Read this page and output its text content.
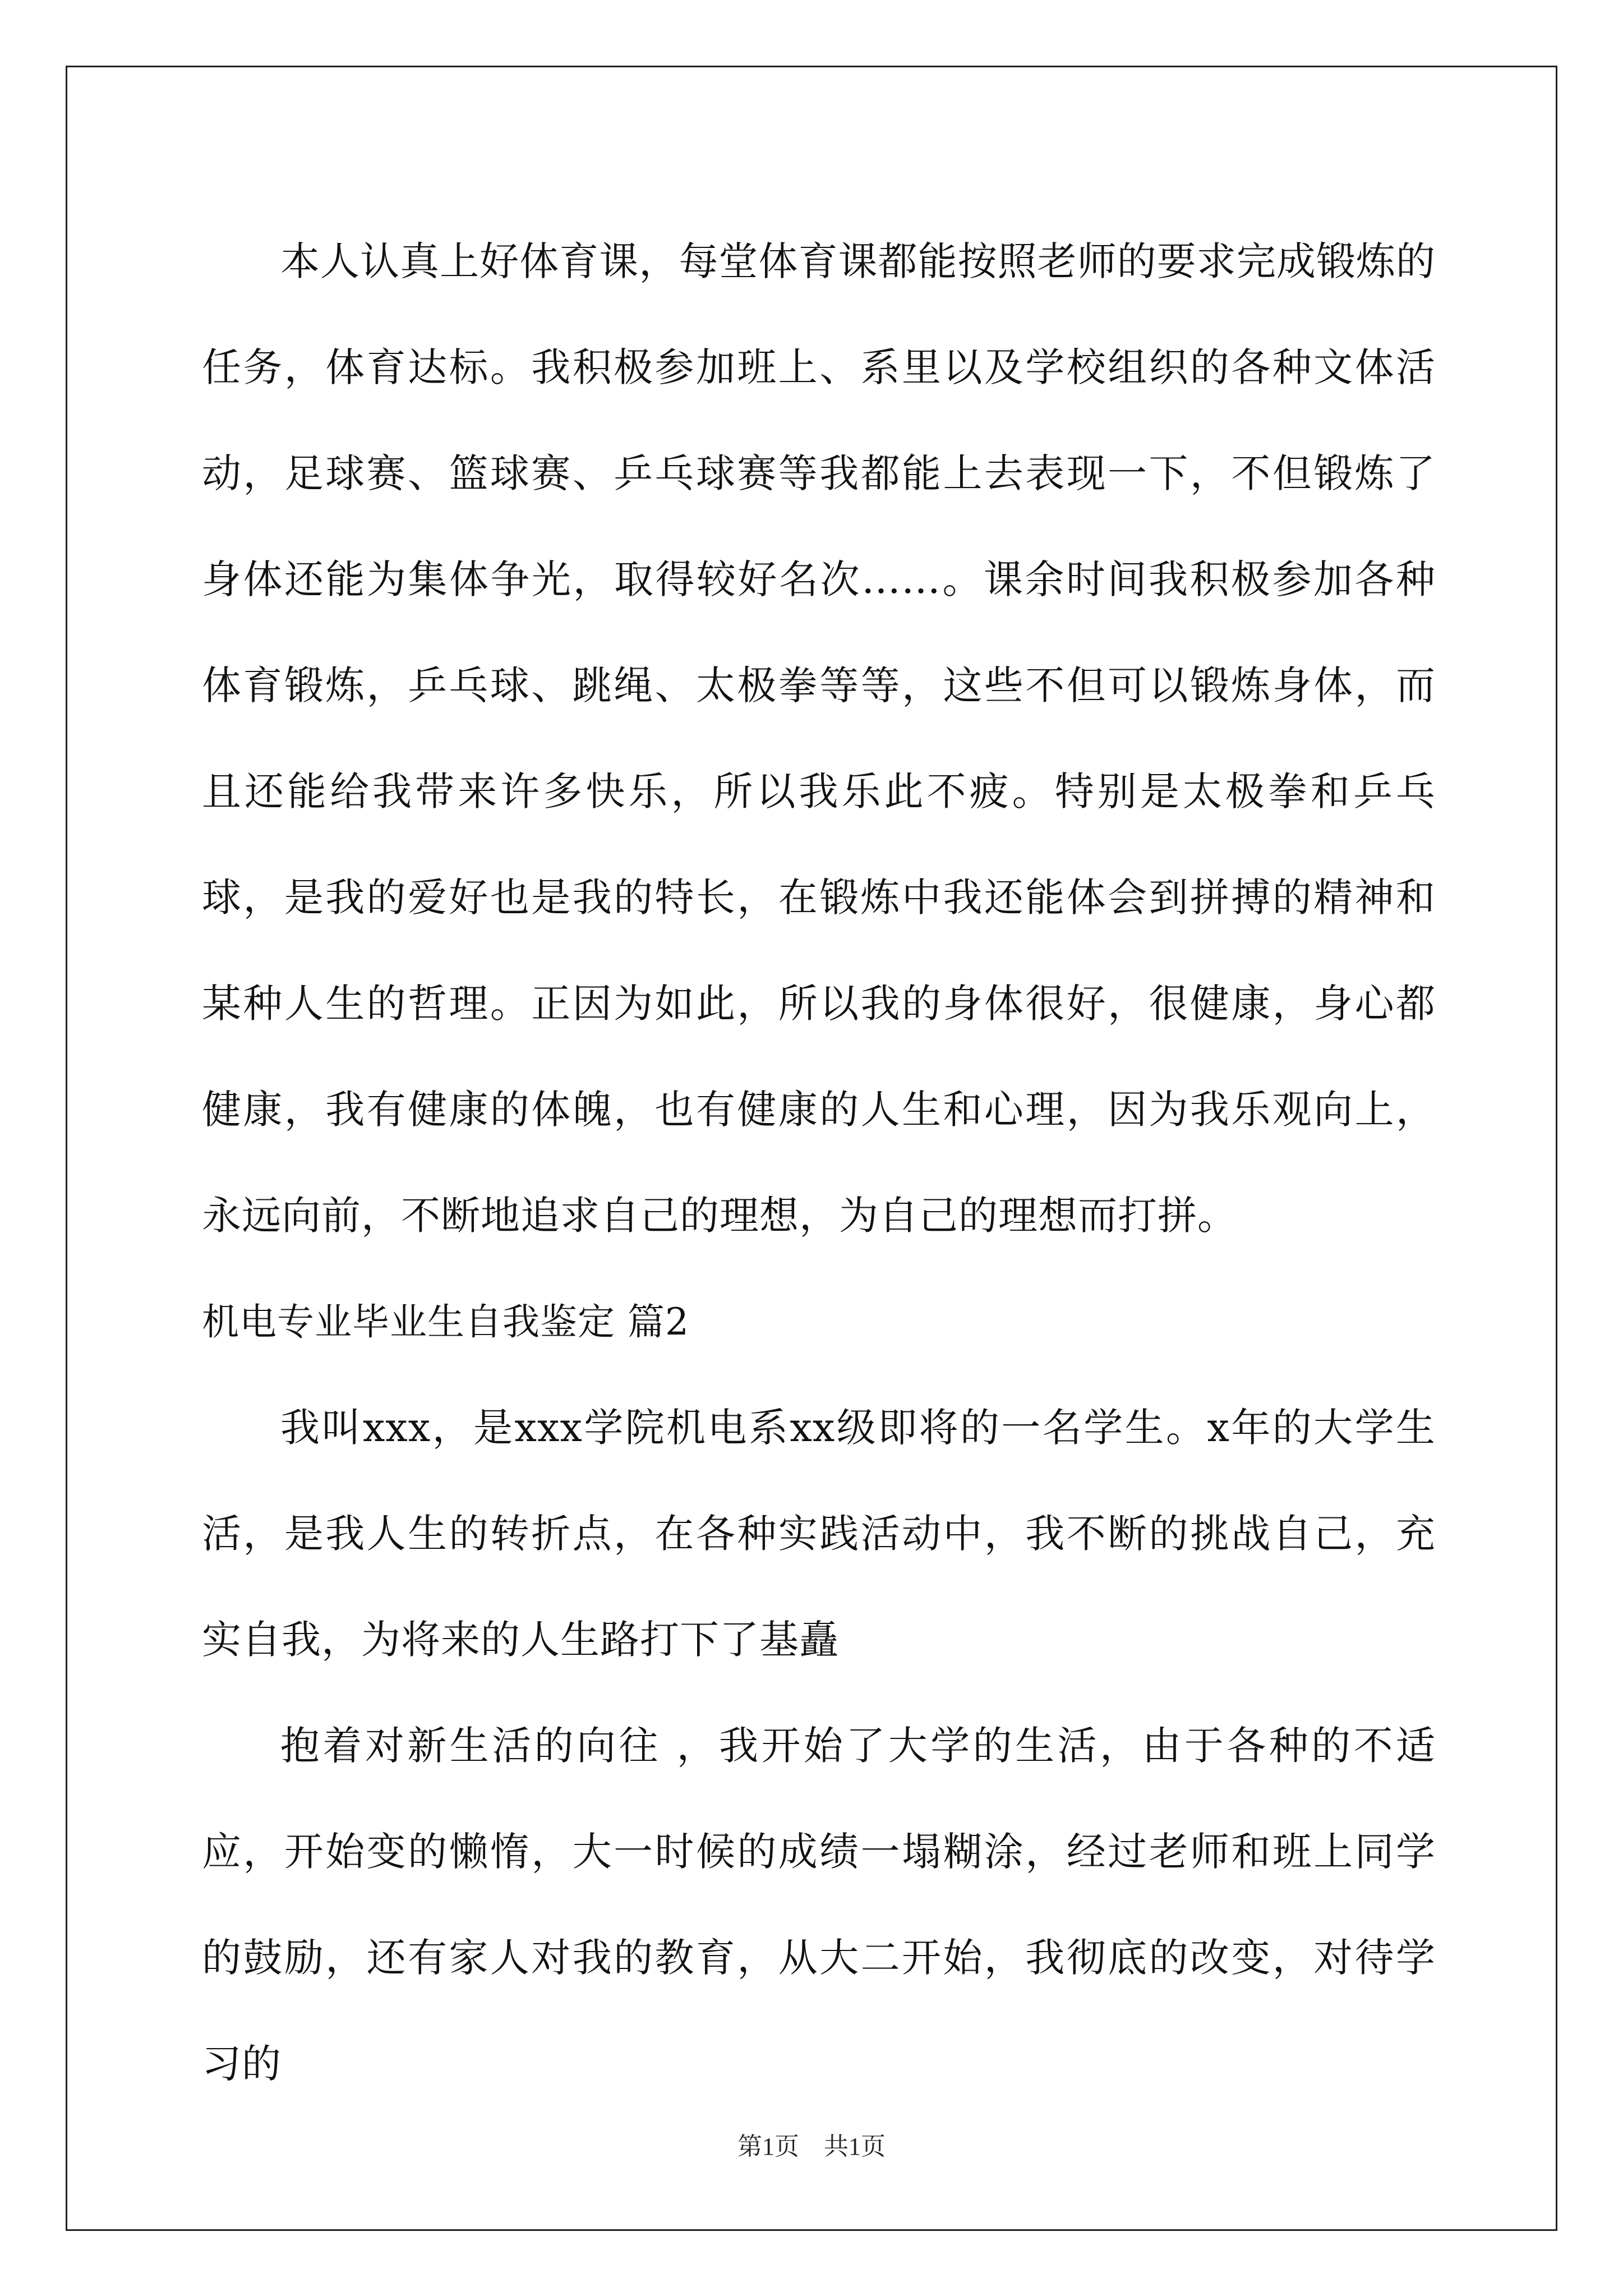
本人认真上好体育课，每堂体育课都能按照老师的要求完成锻炼的任务，体育达标。我积极参加班上、系里以及学校组织的各种文体活动，足球赛、篮球赛、乒乓球赛等我都能上去表现一下，不但锻炼了身体还能为集体争光，取得较好名次……。课余时间我积极参加各种体育锻炼，乒乓球、跳绳、太极拳等等，这些不但可以锻炼身体，而且还能给我带来许多快乐，所以我乐此不疲。特别是太极拳和乒乓球，是我的爱好也是我的特长，在锻炼中我还能体会到拼搏的精神和某种人生的哲理。正因为如此，所以我的身体很好，很健康，身心都健康，我有健康的体魄，也有健康的人生和心理，因为我乐观向上，永远向前，不断地追求自己的理想，为自己的理想而打拼。

机电专业毕业生自我鉴定 篇2

我叫xxx，是xxx学院机电系xx级即将的一名学生。x年的大学生活，是我人生的转折点，在各种实践活动中，我不断的挑战自己，充实自我，为将来的人生路打下了基矗

抱着对新生活的向往 ，我开始了大学的生活，由于各种的不适应，开始变的懒惰，大一时候的成绩一塌糊涂，经过老师和班上同学的鼓励，还有家人对我的教育，从大二开始，我彻底的改变，对待学习的

第1页　共1页
